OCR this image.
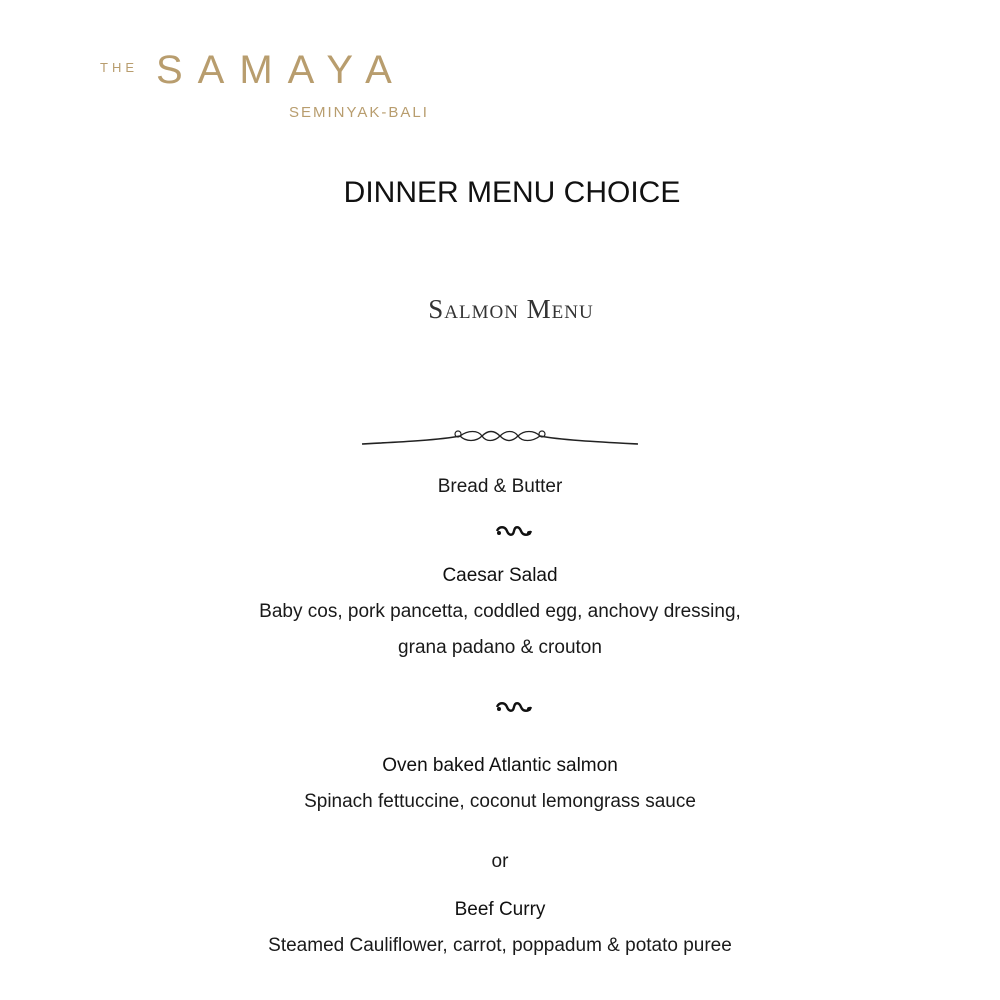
THE SAMAYA
SEMINYAK-BALI
DINNER MENU CHOICE
Salmon Menu
Bread & Butter
Caesar Salad
Baby cos, pork pancetta, coddled egg, anchovy dressing,
grana padano & crouton
Oven baked Atlantic salmon
Spinach fettuccine, coconut lemongrass sauce
or
Beef Curry
Steamed Cauliflower, carrot, poppadum & potato puree
